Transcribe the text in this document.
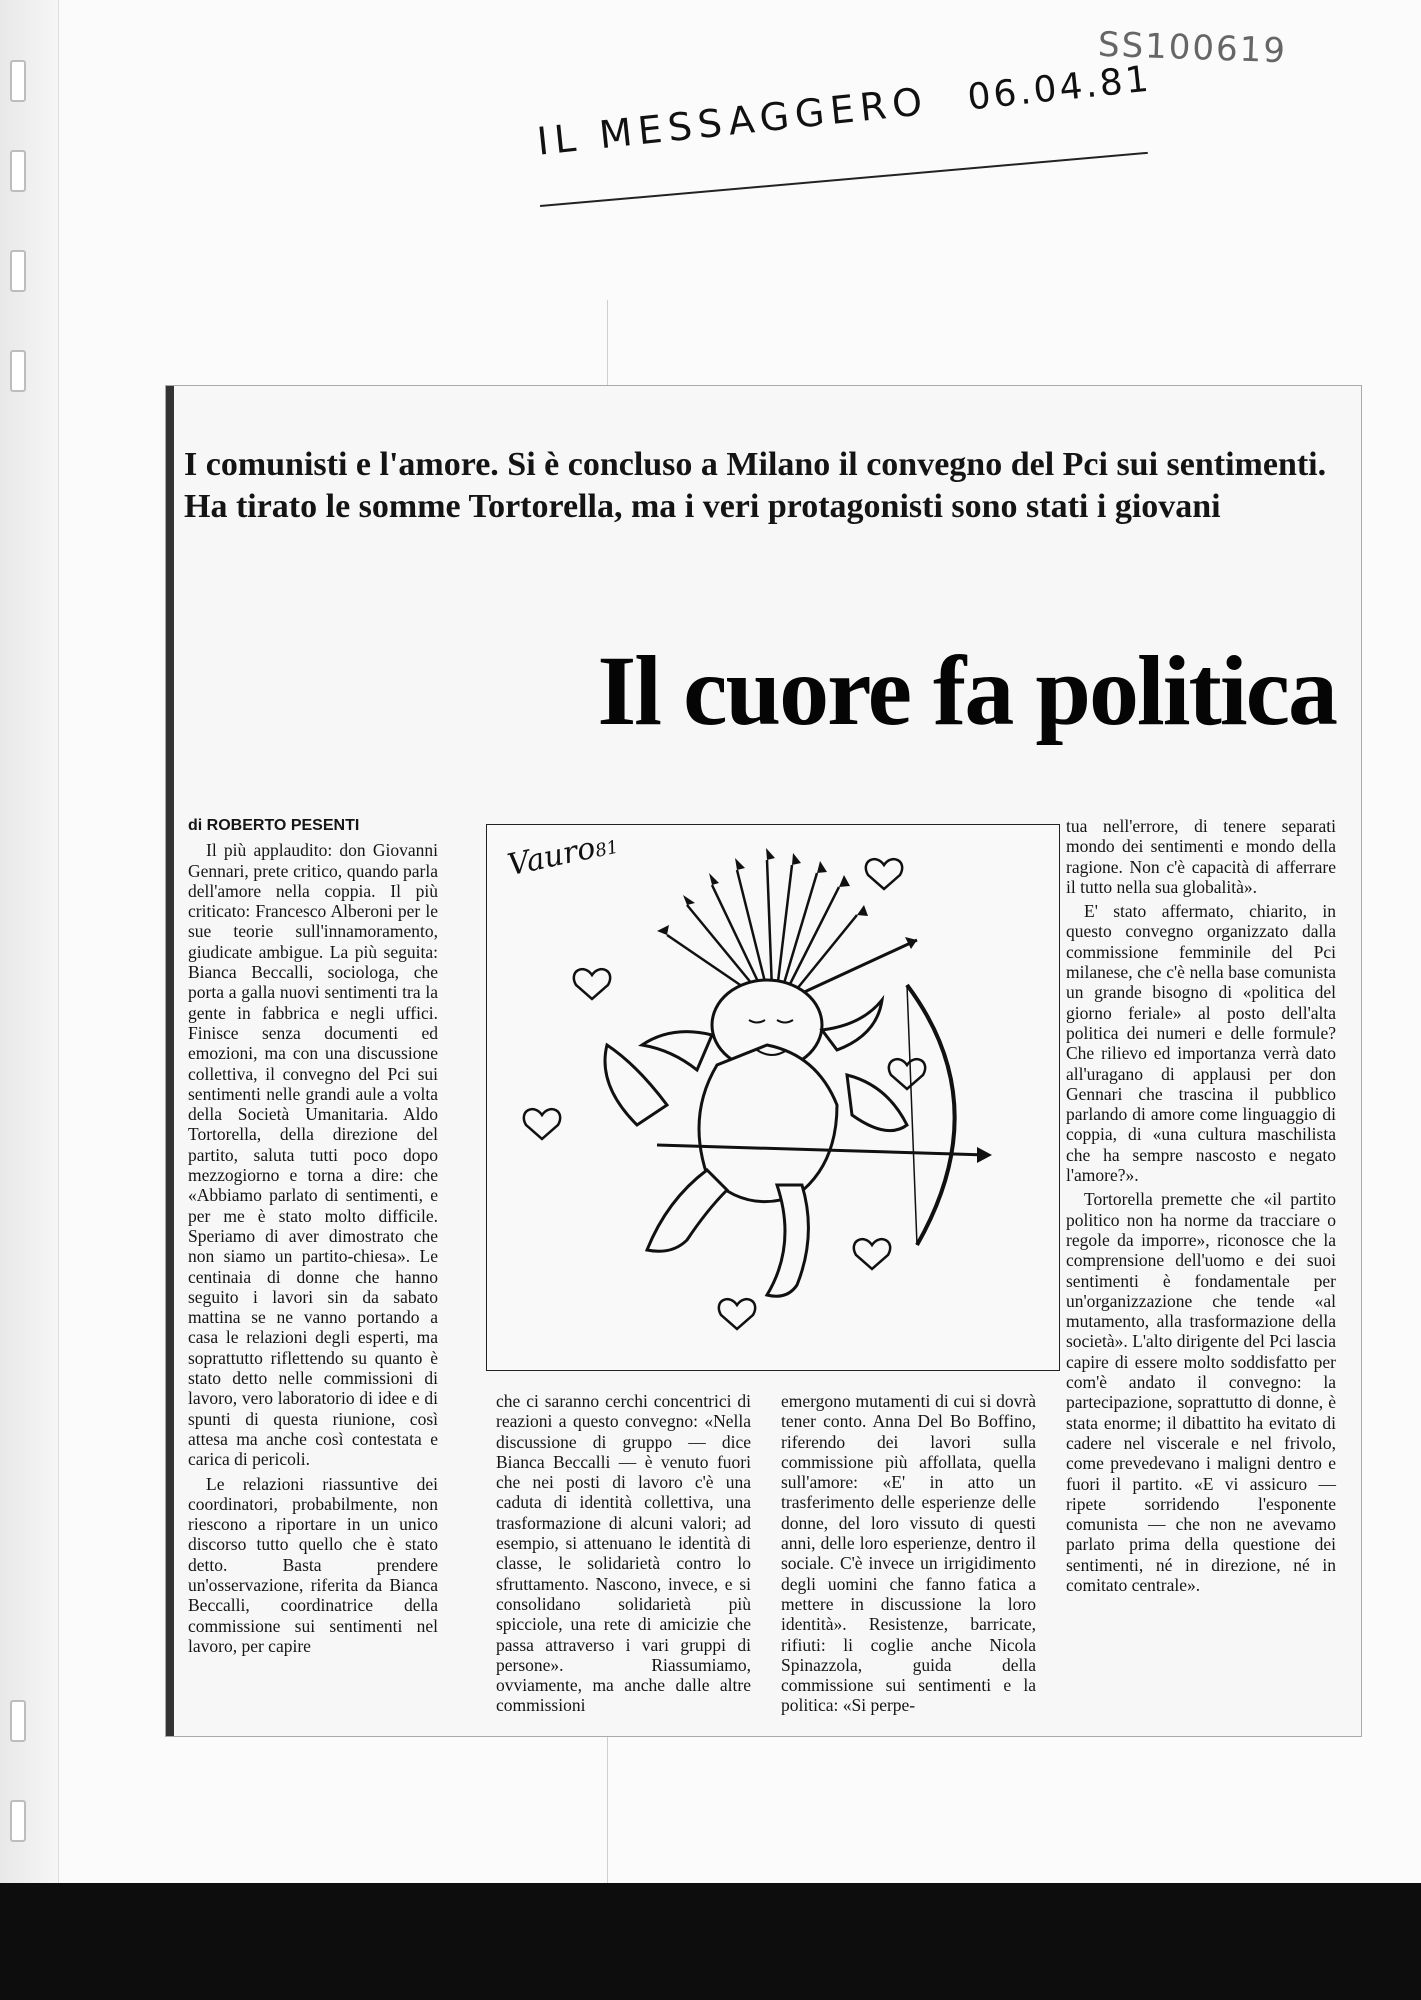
SS100619
IL MESSAGGERO 06.04.81
I comunisti e l'amore. Si è concluso a Milano il convegno del Pci sui sentimenti. Ha tirato le somme Tortorella, ma i veri protagonisti sono stati i giovani
Il cuore fa politica

di ROBERTO PESENTI

Il più applaudito: don Giovanni Gennari, prete critico, quando parla dell'amore nella coppia. Il più criticato: Francesco Alberoni per le sue teorie sull'innamoramento, giudicate ambigue. La più seguita: Bianca Beccalli, sociologa, che porta a galla nuovi sentimenti tra la gente in fabbrica e negli uffici. Finisce senza documenti ed emozioni, ma con una discussione collettiva, il convegno del Pci sui sentimenti nelle grandi aule a volta della Società Umanitaria. Aldo Tortorella, della direzione del partito, saluta tutti poco dopo mezzogiorno e torna a dire: che «Abbiamo parlato di sentimenti, e per me è stato molto difficile. Speriamo di aver dimostrato che non siamo un partito-chiesa». Le centinaia di donne che hanno seguito i lavori sin da sabato mattina se ne vanno portando a casa le relazioni degli esperti, ma soprattutto riflettendo su quanto è stato detto nelle commissioni di lavoro, vero laboratorio di idee e di spunti di questa riunione, così attesa ma anche così contestata e carica di pericoli.

Le relazioni riassuntive dei coordinatori, probabilmente, non riescono a riportare in un unico discorso tutto quello che è stato detto. Basta prendere un'osservazione, riferita da Bianca Beccalli, coordinatrice della commissione sui sentimenti nel lavoro, per capire

Vauro81

che ci saranno cerchi concentrici di reazioni a questo convegno: «Nella discussione di gruppo — dice Bianca Beccalli — è venuto fuori che nei posti di lavoro c'è una caduta di identità collettiva, una trasformazione di alcuni valori; ad esempio, si attenuano le identità di classe, le solidarietà contro lo sfruttamento. Nascono, invece, e si consolidano solidarietà più spicciole, una rete di amicizie che passa attraverso i vari gruppi di persone». Riassumiamo, ovviamente, ma anche dalle altre commissioni

emergono mutamenti di cui si dovrà tener conto. Anna Del Bo Boffino, riferendo dei lavori sulla commissione più affollata, quella sull'amore: «E' in atto un trasferimento delle esperienze delle donne, del loro vissuto di questi anni, delle loro esperienze, dentro il sociale. C'è invece un irrigidimento degli uomini che fanno fatica a mettere in discussione la loro identità». Resistenze, barricate, rifiuti: li coglie anche Nicola Spinazzola, guida della commissione sui sentimenti e la politica: «Si perpe-

tua nell'errore, di tenere separati mondo dei sentimenti e mondo della ragione. Non c'è capacità di afferrare il tutto nella sua globalità».

E' stato affermato, chiarito, in questo convegno organizzato dalla commissione femminile del Pci milanese, che c'è nella base comunista un grande bisogno di «politica del giorno feriale» al posto dell'alta politica dei numeri e delle formule? Che rilievo ed importanza verrà dato all'uragano di applausi per don Gennari che trascina il pubblico parlando di amore come linguaggio di coppia, di «una cultura maschilista che ha sempre nascosto e negato l'amore?».

Tortorella premette che «il partito politico non ha norme da tracciare o regole da imporre», riconosce che la comprensione dell'uomo e dei suoi sentimenti è fondamentale per un'organizzazione che tende «al mutamento, alla trasformazione della società». L'alto dirigente del Pci lascia capire di essere molto soddisfatto per com'è andato il convegno: la partecipazione, soprattutto di donne, è stata enorme; il dibattito ha evitato di cadere nel viscerale e nel frivolo, come prevedevano i maligni dentro e fuori il partito. «E vi assicuro — ripete sorridendo l'esponente comunista — che non ne avevamo parlato prima della questione dei sentimenti, né in direzione, né in comitato centrale».
